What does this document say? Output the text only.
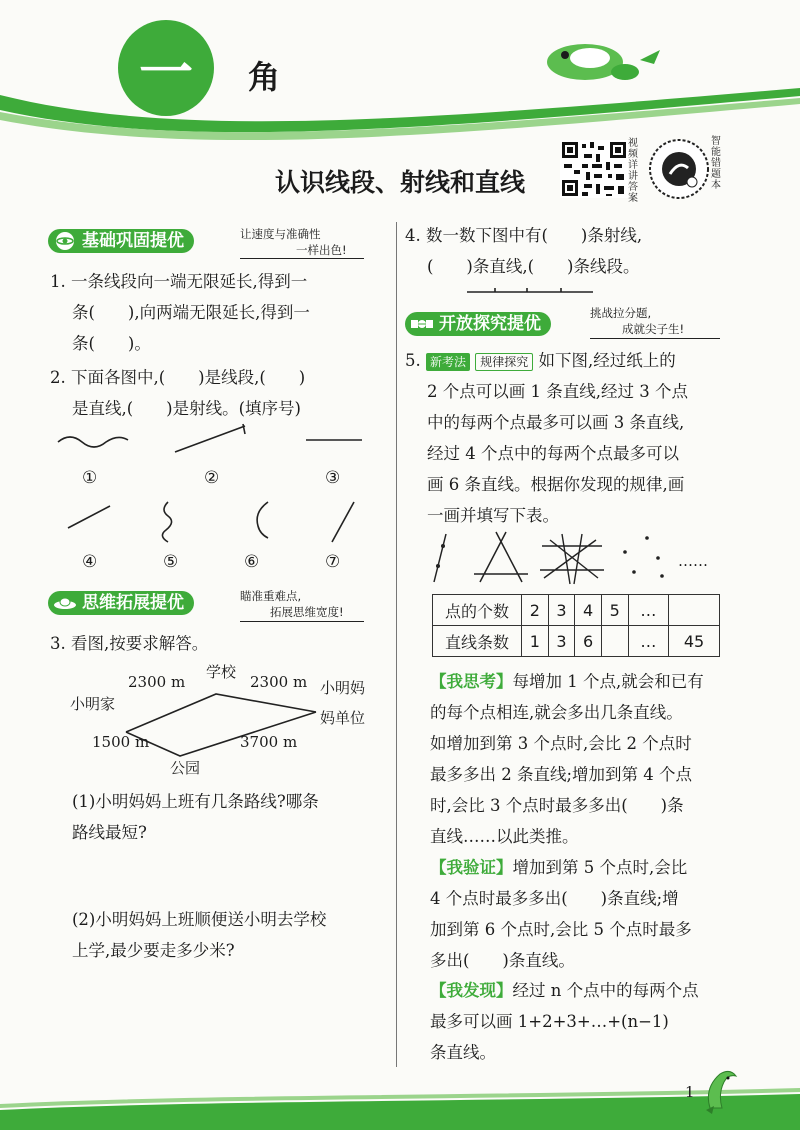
一	角
认识线段、射线和直线
视频详讲答案
智能错题本
基础巩固提优	让速度与准确性
一样出色!
1. 一条线段向一端无限延长,得到一
条(　　),向两端无限延长,得到一
条(　　)。
2. 下面各图中,(　　)是线段,(　　)
是直线,(　　)是射线。(填序号)
①	②	③
④	⑤	⑥	⑦
思维拓展提优	瞄准重难点,
拓展思维宽度!
3. 看图,按要求解答。
学校
2300 m	2300 m
小明家
小明妈
妈单位
1500 m	3700 m
公园
(1)小明妈妈上班有几条路线?哪条
路线最短?
(2)小明妈妈上班顺便送小明去学校
上学,最少要走多少米?
4. 数一数下图中有(　　)条射线,
(　　)条直线,(　　)条线段。
开放探究提优
挑战拉分题,
成就尖子生!
5. 新考法 规律探究 如下图,经过纸上的
2 个点可以画 1 条直线,经过 3 个点
中的每两个点最多可以画 3 条直线,
经过 4 个点中的每两个点最多可以
画 6 条直线。根据你发现的规律,画
一画并填写下表。
……
点的个数	2	3	4	5	…	
直线条数	1	3	6		…	45
【我思考】每增加 1 个点,就会和已有
的每个点相连,就会多出几条直线。
如增加到第 3 个点时,会比 2 个点时
最多多出 2 条直线;增加到第 4 个点
时,会比 3 个点时最多多出(　　)条
直线……以此类推。
【我验证】增加到第 5 个点时,会比
4 个点时最多多出(　　)条直线;增
加到第 6 个点时,会比 5 个点时最多
多出(　　)条直线。
【我发现】经过 n 个点中的每两个点
最多可以画 1+2+3+…+(n−1)
条直线。
1
